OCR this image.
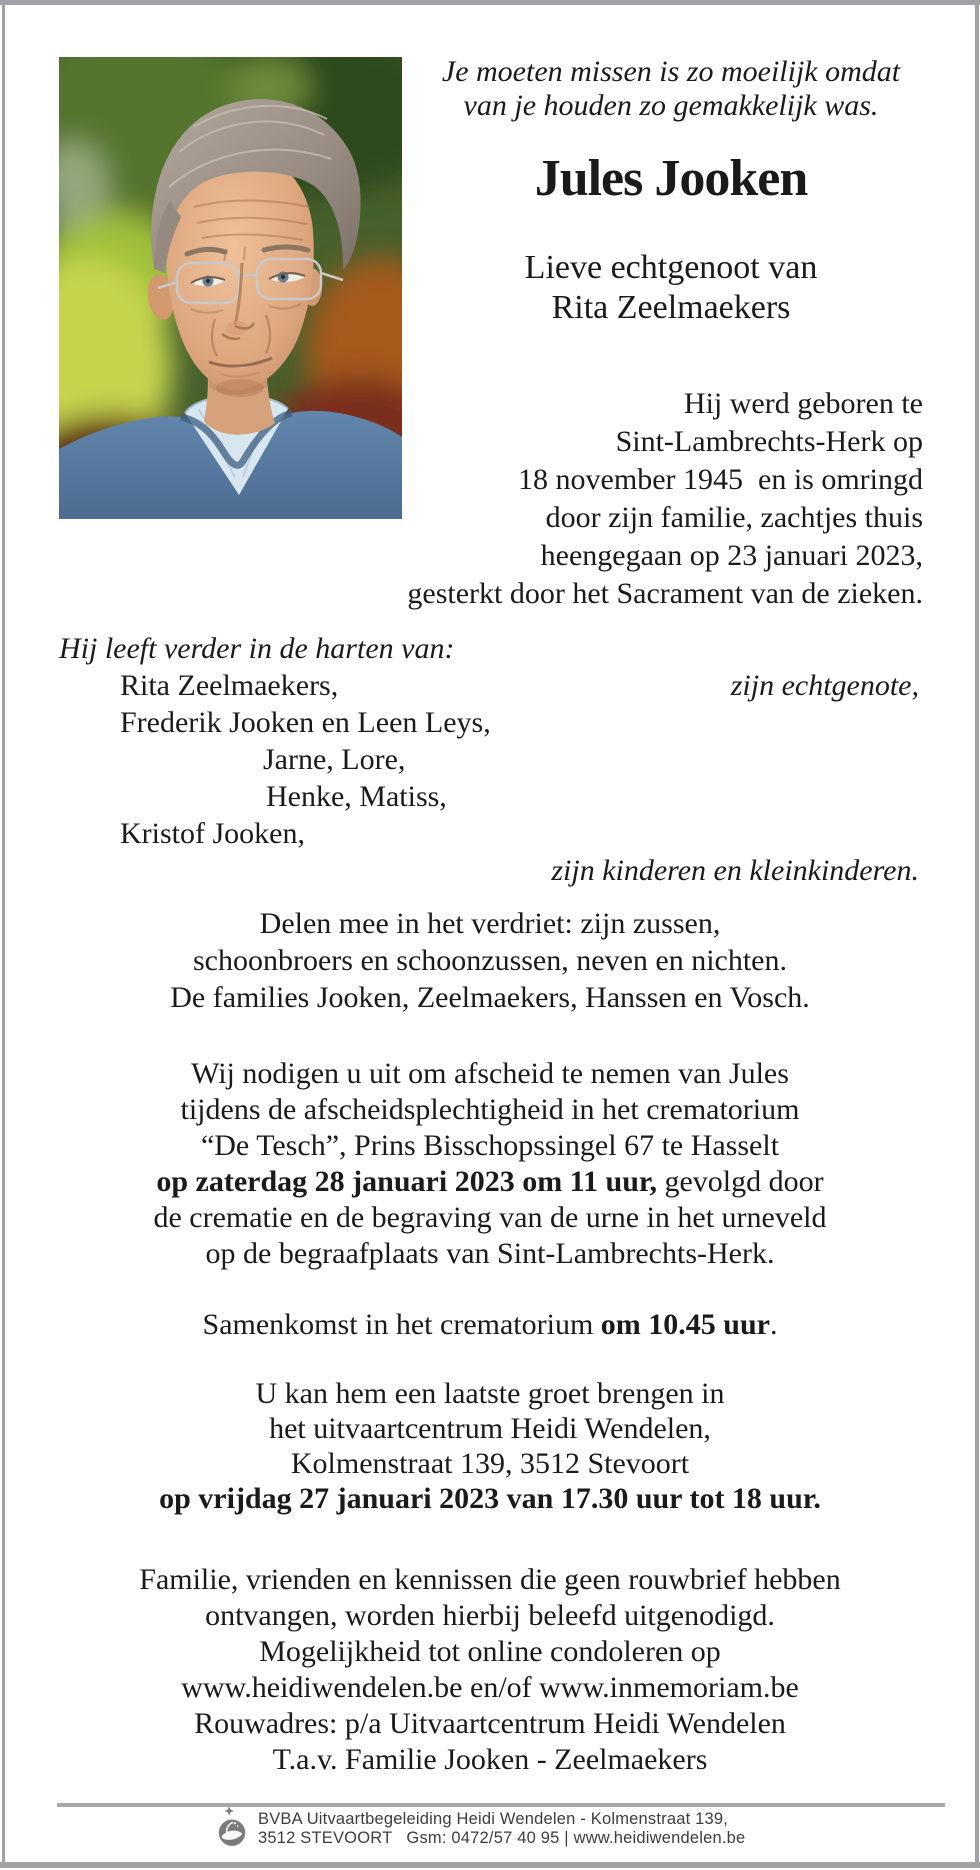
Je moeten missen is zo moeilijk omdat
van je houden zo gemakkelijk was.
Jules Jooken
Lieve echtgenoot van
Rita Zeelmaekers
Hij werd geboren te
Sint-Lambrechts-Herk op
18 november 1945  en is omringd
door zijn familie, zachtjes thuis
heengegaan op 23 januari 2023,
gesterkt door het Sacrament van de zieken.
Hij leeft verder in de harten van:
Rita Zeelmaekers,	zijn echtgenote,
Frederik Jooken en Leen Leys,
Jarne, Lore,
Henke, Matiss,
Kristof Jooken,
zijn kinderen en kleinkinderen.
Delen mee in het verdriet: zijn zussen,
schoonbroers en schoonzussen, neven en nichten.
De families Jooken, Zeelmaekers, Hanssen en Vosch.
Wij nodigen u uit om afscheid te nemen van Jules
tijdens de afscheidsplechtigheid in het crematorium
“De Tesch”, Prins Bisschopssingel 67 te Hasselt
op zaterdag 28 januari 2023 om 11 uur, gevolgd door
de crematie en de begraving van de urne in het urneveld
op de begraafplaats van Sint-Lambrechts-Herk.
Samenkomst in het crematorium om 10.45 uur.
U kan hem een laatste groet brengen in
het uitvaartcentrum Heidi Wendelen,
Kolmenstraat 139, 3512 Stevoort
op vrijdag 27 januari 2023 van 17.30 uur tot 18 uur.
Familie, vrienden en kennissen die geen rouwbrief hebben
ontvangen, worden hierbij beleefd uitgenodigd.
Mogelijkheid tot online condoleren op
www.heidiwendelen.be en/of www.inmemoriam.be
Rouwadres: p/a Uitvaartcentrum Heidi Wendelen
T.a.v. Familie Jooken - Zeelmaekers
BVBA Uitvaartbegeleiding Heidi Wendelen - Kolmenstraat 139,
3512 STEVOORT   Gsm: 0472/57 40 95 | www.heidiwendelen.be
